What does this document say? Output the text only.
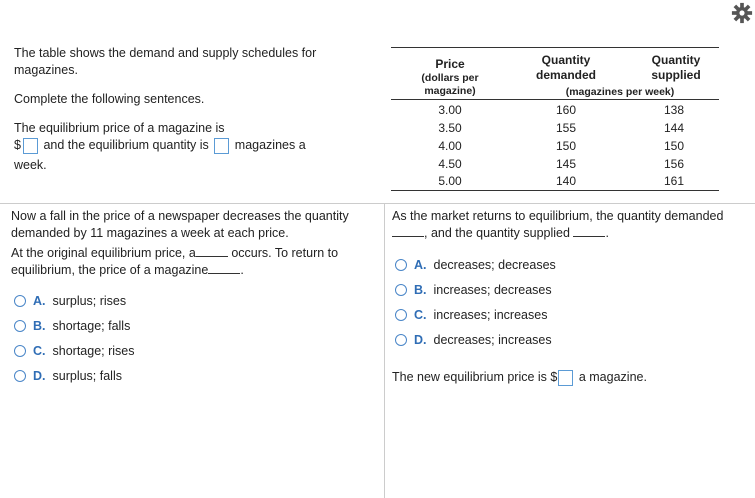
The table shows the demand and supply schedules for magazines.
Complete the following sentences.
The equilibrium price of a magazine is
$ and the equilibrium quantity is magazines a
week.
Price
(dollars per magazine)
Quantity demanded
Quantity supplied
(magazines per week)
3.00	160	138
3.50	155	144
4.00	150	150
4.50	145	156
5.00	140	161
Now a fall in the price of a newspaper decreases the quantity demanded by 11 magazines a week at each price.
At the original equilibrium price, a	occurs. To return to equilibrium, the price of a magazine	.
A. surplus; rises
B. shortage; falls
C. shortage; rises
D. surplus; falls
As the market returns to equilibrium, the quantity demanded
, and the quantity supplied	.
A. decreases; decreases
B. increases; decreases
C. increases; increases
D. decreases; increases
The new equilibrium price is $ a magazine.
